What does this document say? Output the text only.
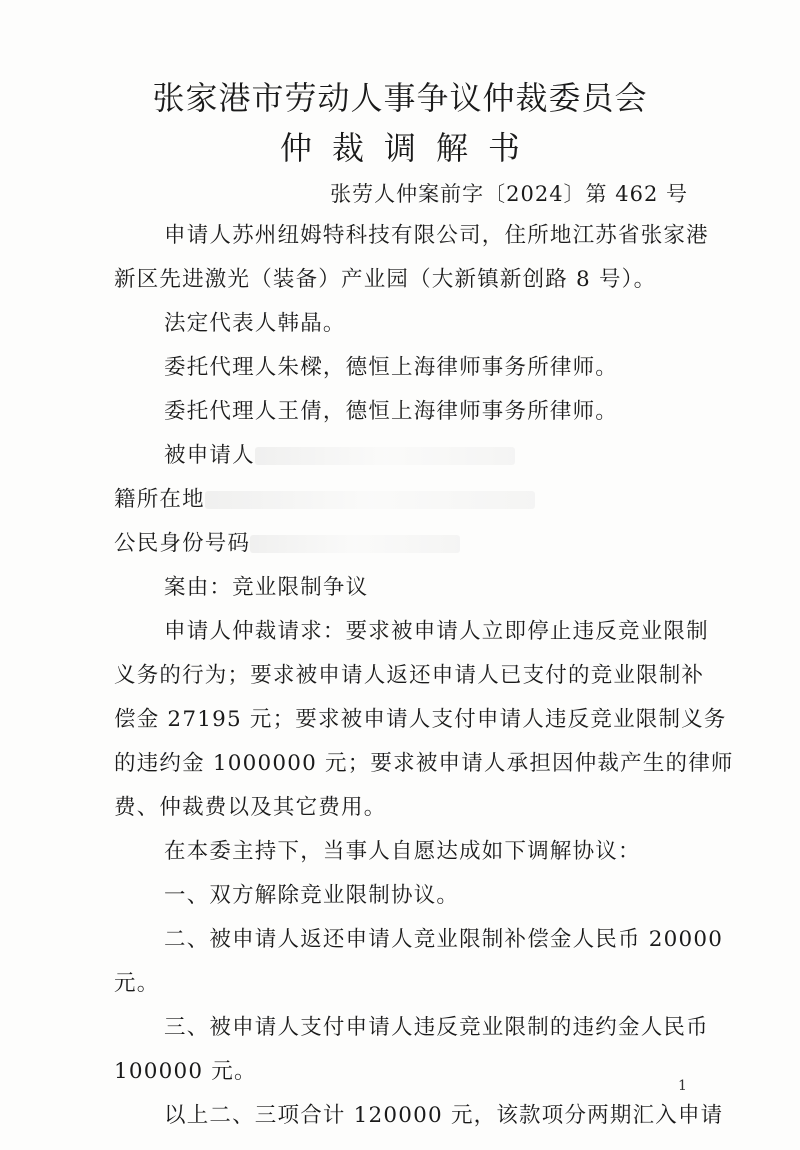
张家港市劳动人事争议仲裁委员会
仲裁调解书
张劳人仲案前字〔2024〕第 462 号
申请人苏州纽姆特科技有限公司，住所地江苏省张家港
新区先进激光（装备）产业园（大新镇新创路 8 号）。
法定代表人韩晶。
委托代理人朱樑，德恒上海律师事务所律师。
委托代理人王倩，德恒上海律师事务所律师。
被申请人
籍所在地
公民身份号码
案由：竞业限制争议
申请人仲裁请求：要求被申请人立即停止违反竞业限制
义务的行为；要求被申请人返还申请人已支付的竞业限制补
偿金 27195 元；要求被申请人支付申请人违反竞业限制义务
的违约金 1000000 元；要求被申请人承担因仲裁产生的律师
费、仲裁费以及其它费用。
在本委主持下，当事人自愿达成如下调解协议：
一、双方解除竞业限制协议。
二、被申请人返还申请人竞业限制补偿金人民币 20000
元。
三、被申请人支付申请人违反竞业限制的违约金人民币
100000 元。
以上二、三项合计 120000 元，该款项分两期汇入申请
1
